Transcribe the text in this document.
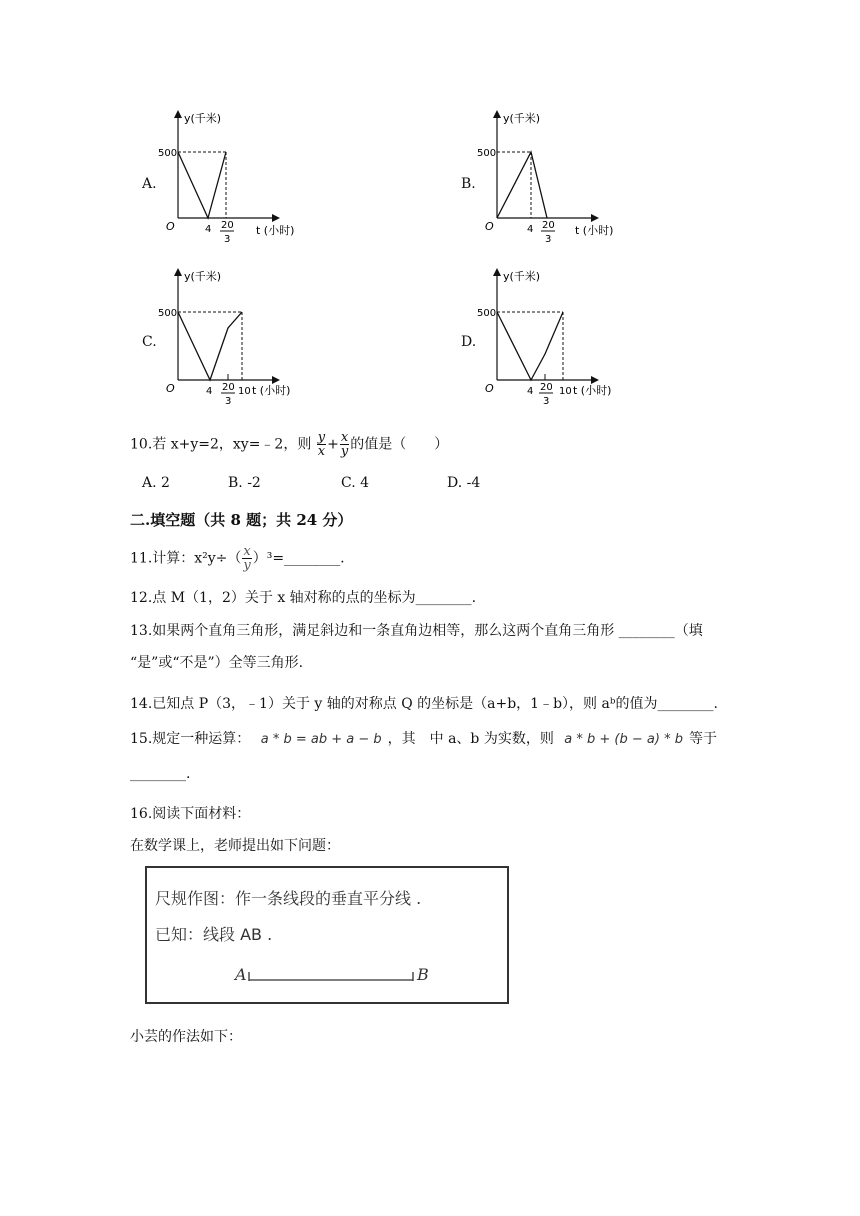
A.
y(千米)
500
O	4 20
3
t (小时)
B.
y(千米)
500
O	4 20
3
t (小时)
C.
y(千米)
500
O	4 20
3
10 t (小时)
D.
y(千米)
500
O	4 20
3
10 t (小时)
10.若 x+y=2，xy=﹣2，则 $\frac{y}{x} + \frac{x}{y}$ 的值是（　　）
A. 2	B. -2	C. 4	D. -4
二.填空题（共 8 题；共 24 分）
11.计算：$x^2y\div( \frac{x}{y}$ ）³=________.
12.点 M（1，2）关于 x 轴对称的点的坐标为________.
13.如果两个直角三角形，满足斜边和一条直角边相等，那么这两个直角三角形 ________（填
“是”或“不是”）全等三角形.
14.已知点 P（3，﹣1）关于 y 轴的对称点 Q 的坐标是（a+b，1﹣b），则 aᵇ的值为________.
15.规定一种运算： a * b = ab + a − b ，其　中 a、b 为实数，则 a * b + (b − a) * b 等于
________.
16.阅读下面材料：
在数学课上，老师提出如下问题：
尺规作图：作一条线段的垂直平分线 .
已知：线段 AB .
A	B
小芸的作法如下：
